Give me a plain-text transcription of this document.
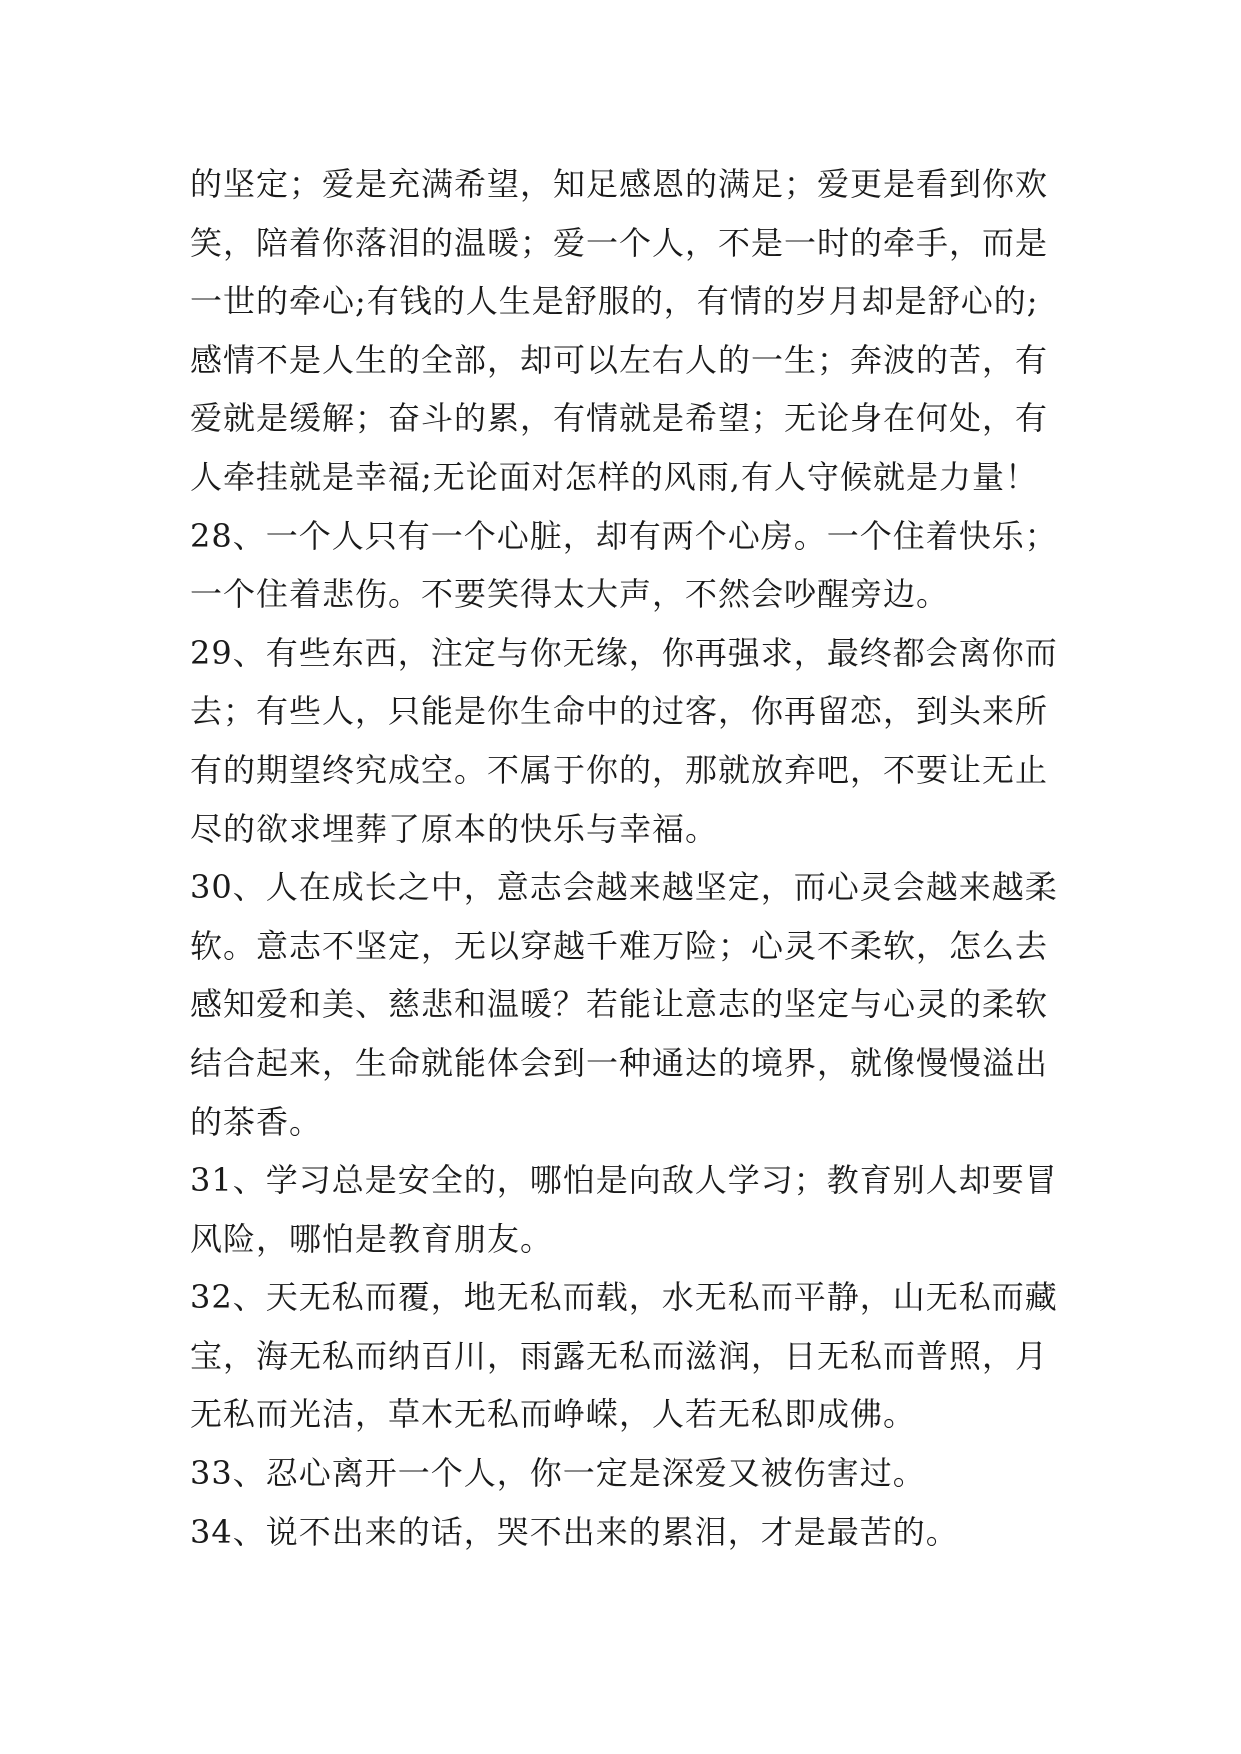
的坚定；爱是充满希望，知足感恩的满足；爱更是看到你欢
笑，陪着你落泪的温暖；爱一个人，不是一时的牵手，而是
一世的牵心;有钱的人生是舒服的，有情的岁月却是舒心的;
感情不是人生的全部，却可以左右人的一生；奔波的苦，有
爱就是缓解；奋斗的累，有情就是希望；无论身在何处，有
人牵挂就是幸福;无论面对怎样的风雨,有人守候就是力量！
28、一个人只有一个心脏，却有两个心房。一个住着快乐；
一个住着悲伤。不要笑得太大声，不然会吵醒旁边。
29、有些东西，注定与你无缘，你再强求，最终都会离你而
去；有些人，只能是你生命中的过客，你再留恋，到头来所
有的期望终究成空。不属于你的，那就放弃吧，不要让无止
尽的欲求埋葬了原本的快乐与幸福。
30、人在成长之中，意志会越来越坚定，而心灵会越来越柔
软。意志不坚定，无以穿越千难万险；心灵不柔软，怎么去
感知爱和美、慈悲和温暖？若能让意志的坚定与心灵的柔软
结合起来，生命就能体会到一种通达的境界，就像慢慢溢出
的茶香。
31、学习总是安全的，哪怕是向敌人学习；教育别人却要冒
风险，哪怕是教育朋友。
32、天无私而覆，地无私而载，水无私而平静，山无私而藏
宝，海无私而纳百川，雨露无私而滋润，日无私而普照，月
无私而光洁，草木无私而峥嵘，人若无私即成佛。
33、忍心离开一个人，你一定是深爱又被伤害过。
34、说不出来的话，哭不出来的累泪，才是最苦的。
